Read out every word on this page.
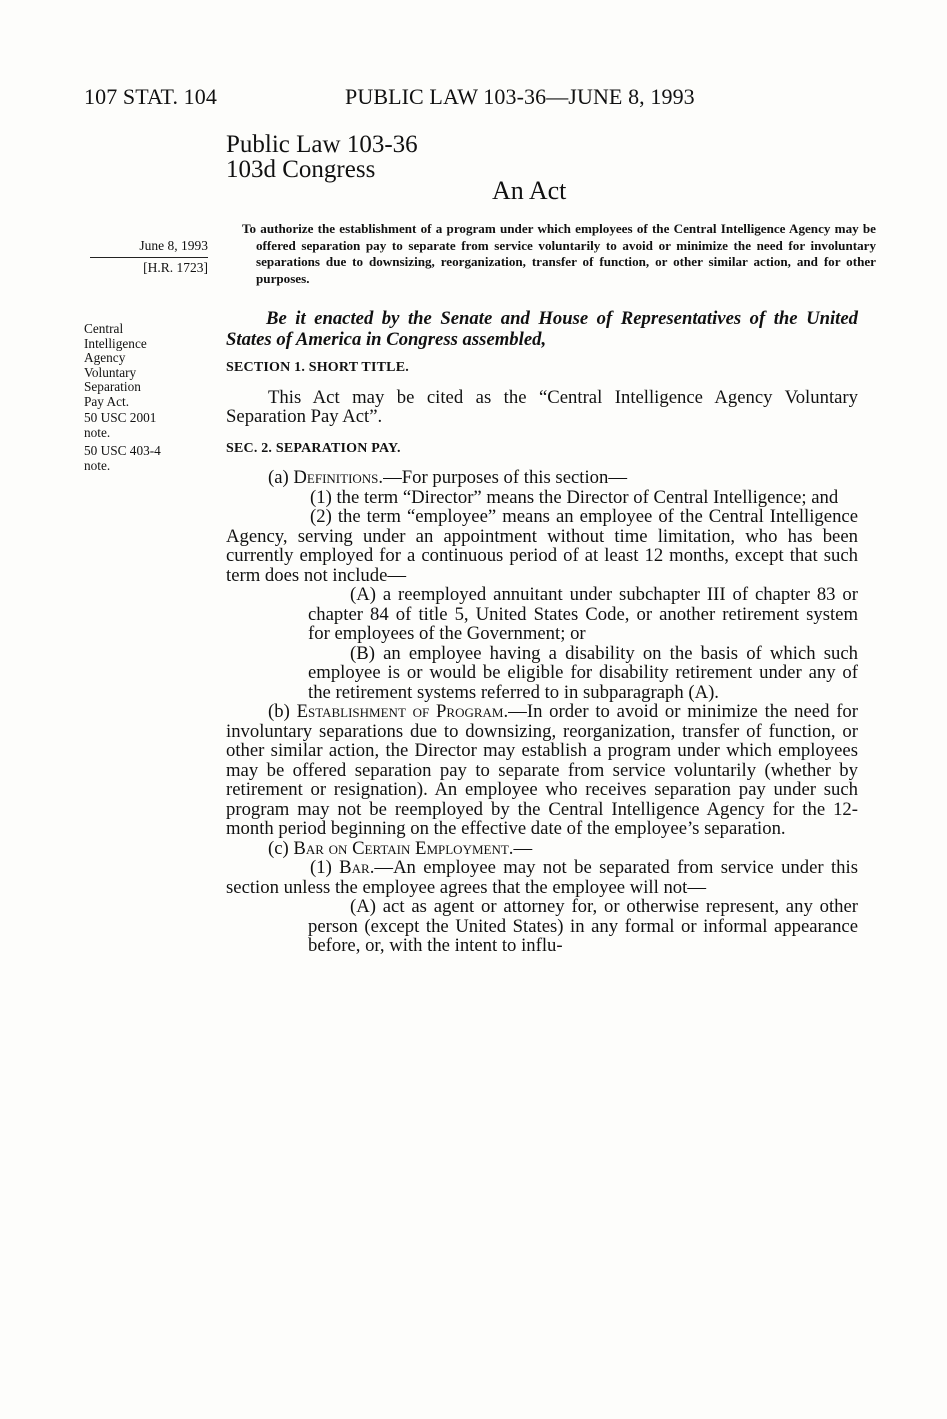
107 STAT. 104	PUBLIC LAW 103-36—JUNE 8, 1993
Public Law 103-36
103d Congress
An Act
June 8, 1993
[H.R. 1723]
To authorize the establishment of a program under which employees of the Central Intelligence Agency may be offered separation pay to separate from service voluntarily to avoid or minimize the need for involuntary separations due to downsizing, reorganization, transfer of function, or other similar action, and for other purposes.

Central

Intelligence

Agency

Voluntary

Separation

Pay Act.

50 USC 2001

note.

50 USC 403-4

note.

Be it enacted by the Senate and House of Representatives of the United States of America in Congress assembled,

SECTION 1. SHORT TITLE.

This Act may be cited as the “Central Intelligence Agency Voluntary Separation Pay Act”.

SEC. 2. SEPARATION PAY.

(a) Definitions.—For purposes of this section—

(1) the term “Director” means the Director of Central Intelligence; and

(2) the term “employee” means an employee of the Central Intelligence Agency, serving under an appointment without time limitation, who has been currently employed for a continuous period of at least 12 months, except that such term does not include—

(A) a reemployed annuitant under subchapter III of chapter 83 or chapter 84 of title 5, United States Code, or another retirement system for employees of the Government; or

(B) an employee having a disability on the basis of which such employee is or would be eligible for disability retirement under any of the retirement systems referred to in subparagraph (A).

(b) Establishment of Program.—In order to avoid or minimize the need for involuntary separations due to downsizing, reorganization, transfer of function, or other similar action, the Director may establish a program under which employees may be offered separation pay to separate from service voluntarily (whether by retirement or resignation). An employee who receives separation pay under such program may not be reemployed by the Central Intelligence Agency for the 12-month period beginning on the effective date of the employee’s separation.

(c) Bar on Certain Employment.—

(1) Bar.—An employee may not be separated from service under this section unless the employee agrees that the employee will not—

(A) act as agent or attorney for, or otherwise represent, any other person (except the United States) in any formal or informal appearance before, or, with the intent to influ-
